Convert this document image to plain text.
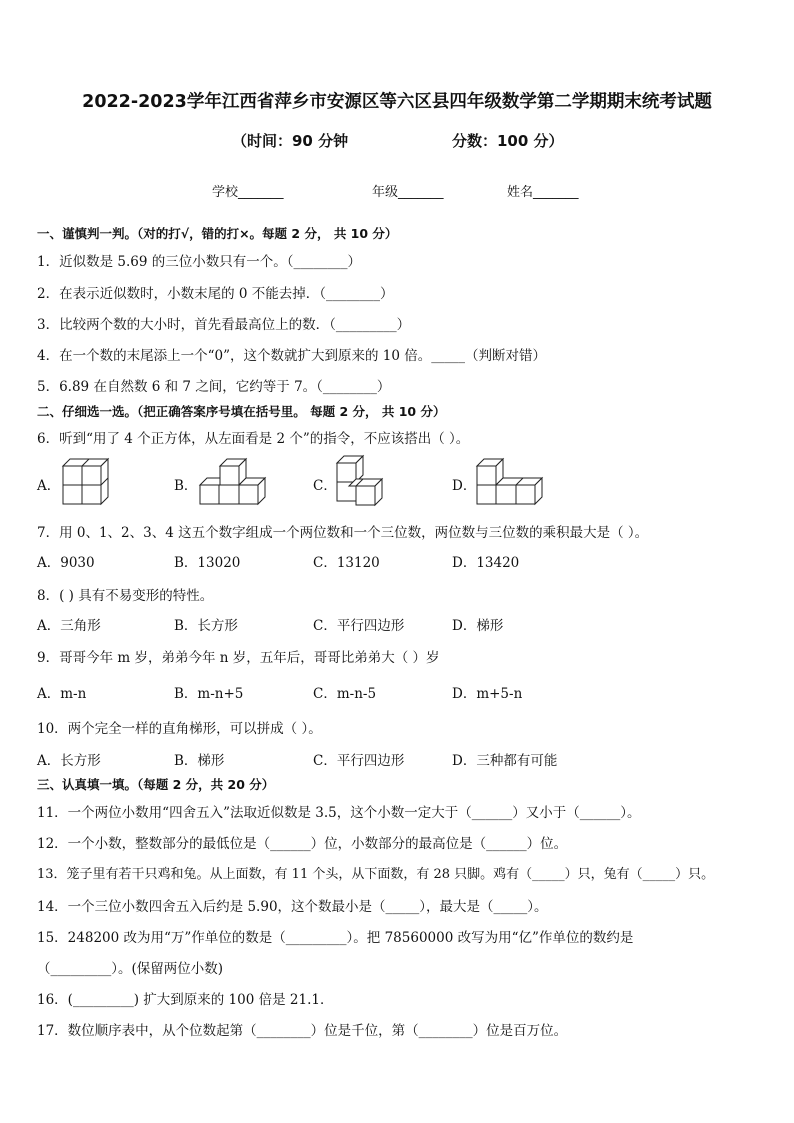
2022-2023学年江西省萍乡市安源区等六区县四年级数学第二学期期末统考试题
（时间：90 分钟	分数：100 分）
学校_______	年级_______	姓名_______
一、谨慎判一判。（对的打√，错的打×。每题 2 分， 共 10 分）
1．近似数是 5.69 的三位小数只有一个。（________）
2．在表示近似数时，小数末尾的 0 不能去掉．（________）
3．比较两个数的大小时，首先看最高位上的数．（_________）
4．在一个数的末尾添上一个“0”，这个数就扩大到原来的 10 倍。_____（判断对错）
5．6.89 在自然数 6 和 7 之间，它约等于 7。（________）
二、仔细选一选。（把正确答案序号填在括号里。 每题 2 分， 共 10 分）
6．听到“用了 4 个正方体，从左面看是 2 个”的指令，不应该搭出（ ）。
A．	B．	C．	D．
7．用 0、1、2、3、4 这五个数字组成一个两位数和一个三位数，两位数与三位数的乘积最大是（ ）。
A．9030	B．13020	C．13120	D．13420
8．( ) 具有不易变形的特性。
A．三角形	B．长方形	C．平行四边形	D．梯形
9．哥哥今年 m 岁，弟弟今年 n 岁，五年后，哥哥比弟弟大（ ）岁
A．m-n	B．m-n+5	C．m-n-5	D．m+5-n
10．两个完全一样的直角梯形，可以拼成（ ）。
A．长方形	B．梯形	C．平行四边形	D．三种都有可能
三、认真填一填。（每题 2 分，共 20 分）
11．一个两位小数用“四舍五入”法取近似数是 3.5，这个小数一定大于（______）又小于（______）。
12．一个小数，整数部分的最低位是（______）位，小数部分的最高位是（______）位。
13．笼子里有若干只鸡和兔。从上面数，有 11 个头，从下面数，有 28 只脚。鸡有（_____）只，兔有（_____）只。
14．一个三位小数四舍五入后约是 5.90，这个数最小是（_____），最大是（_____）。
15．248200 改为用“万”作单位的数是（_________）。把 78560000 改写为用“亿”作单位的数约是
（_________）。(保留两位小数)
16．(_________) 扩大到原来的 100 倍是 21.1．
17．数位顺序表中，从个位数起第（________）位是千位，第（________）位是百万位。
